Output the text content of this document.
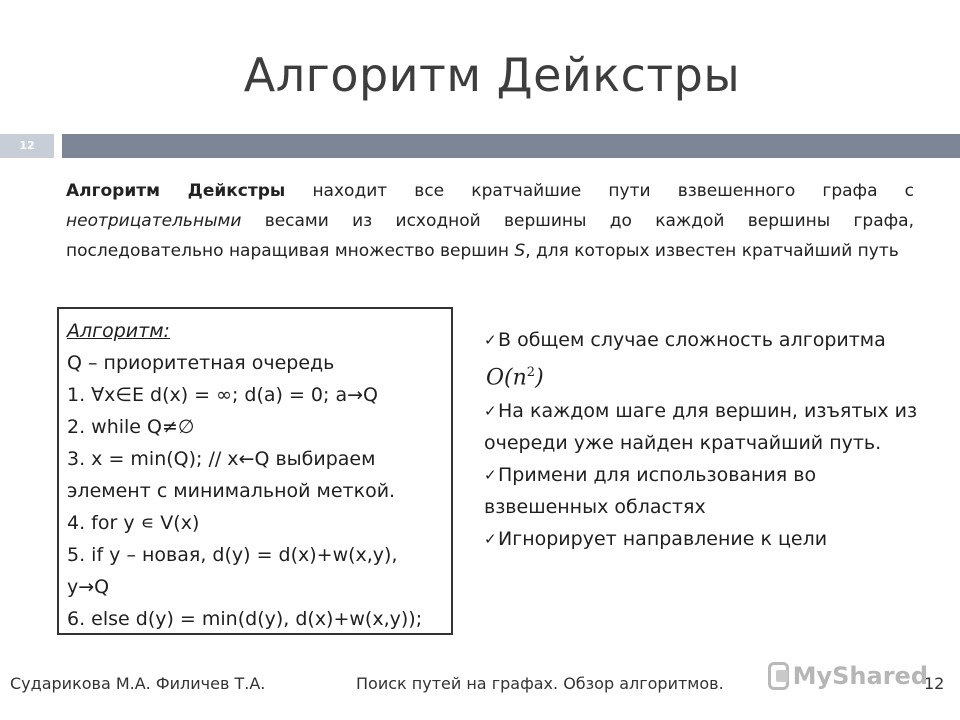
Алгоритм Дейкстры
12
Алгоритм Дейкстры находит все кратчайшие пути взвешенного графа с неотрицательными весами из исходной вершины до каждой вершины графа, последовательно наращивая множество вершин S, для которых известен кратчайший путь
Алгоритм:
Q – приоритетная очередь
1. ∀x∈E d(x) = ∞; d(a) = 0; a→Q
2. while Q≠∅
3. x = min(Q); // x←Q выбираем
элемент с минимальной меткой.
4. for y ∊ V(x)
5. if y – новая, d(y) = d(x)+w(x,y),
y→Q
6. else d(y) = min(d(y), d(x)+w(x,y));
✓В общем случае сложность алгоритма
$O(n^2)$
✓На каждом шаге для вершин, изъятых из очереди уже найден кратчайший путь.
✓Примени для использования во взвешенных областях
✓Игнорирует направление к цели
Сударикова М.А. Филичев Т.А.	Поиск путей на графах. Обзор алгоритмов.	12
MyShared
